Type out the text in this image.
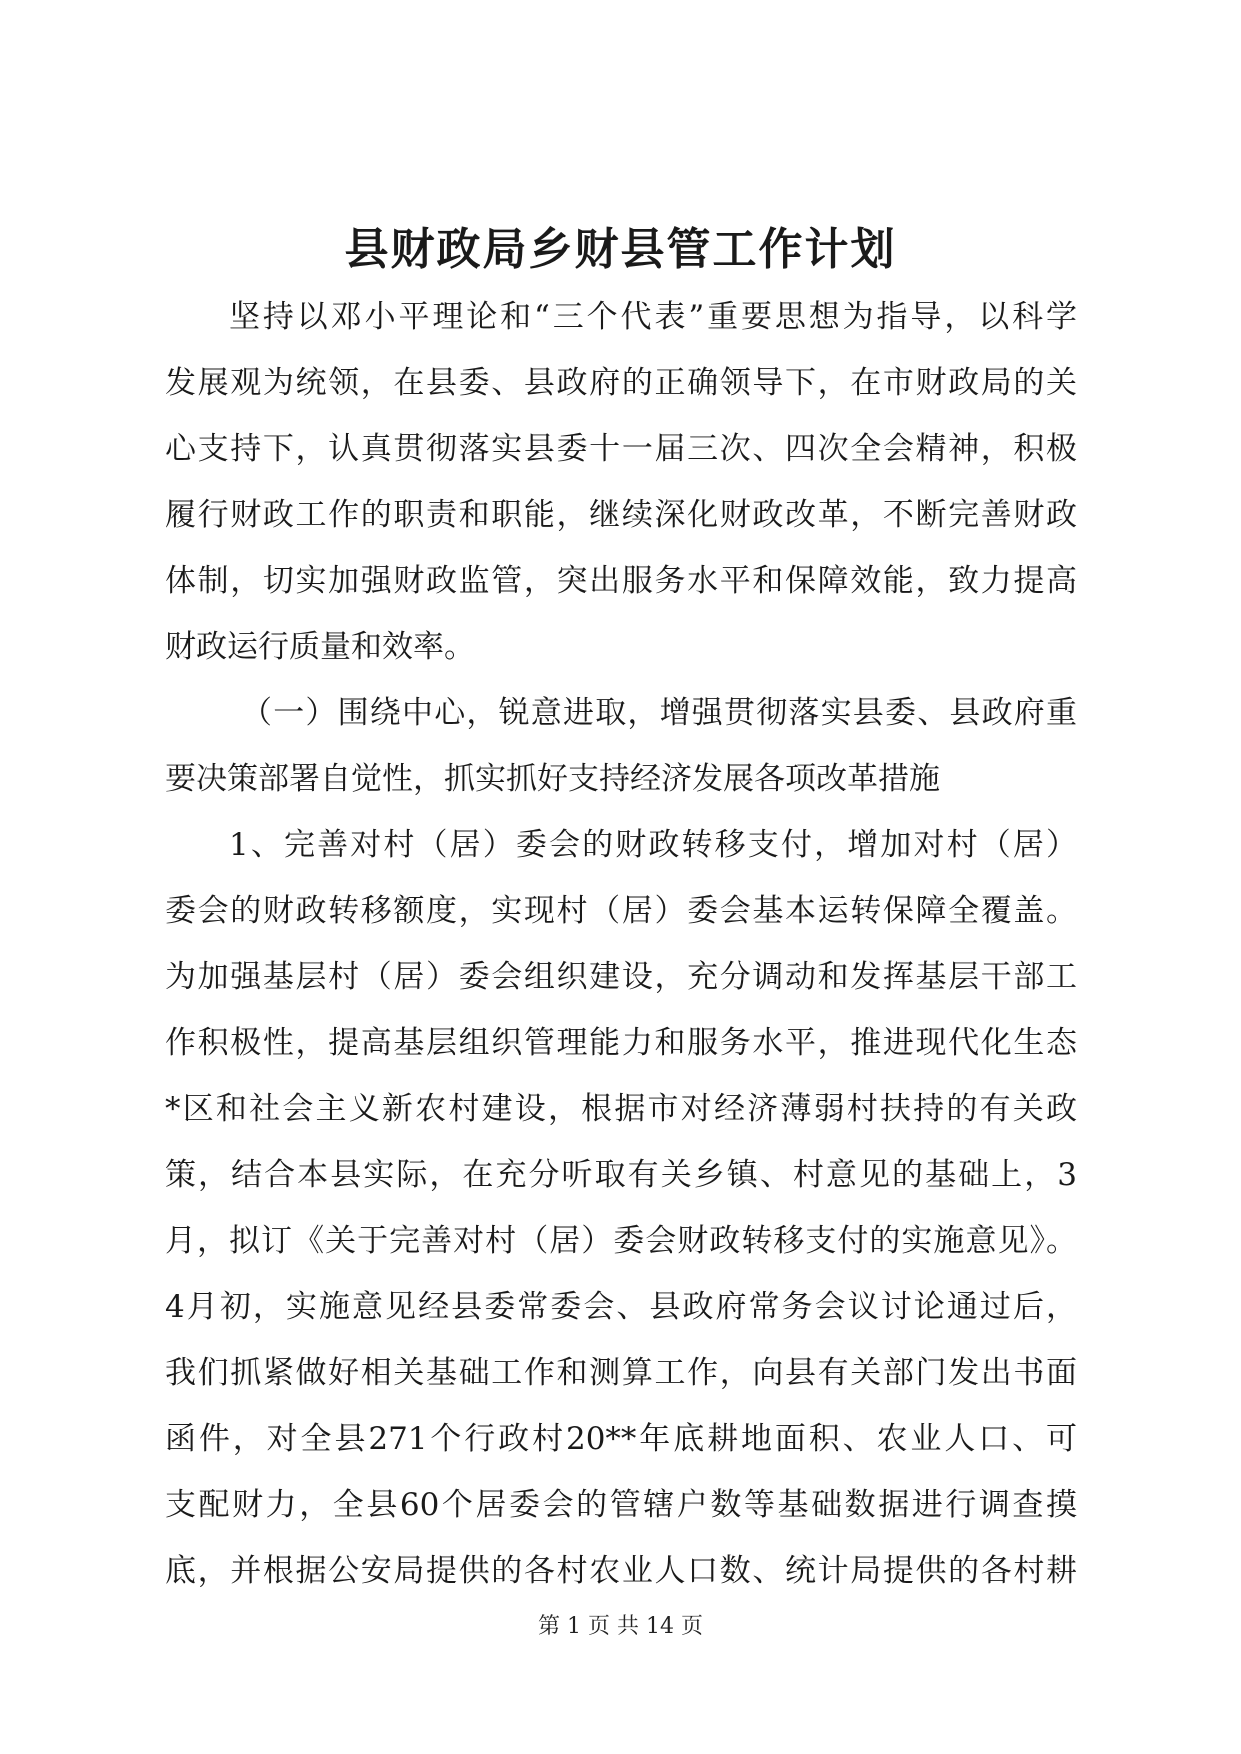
县财政局乡财县管工作计划
坚持以邓小平理论和“三个代表”重要思想为指导，以科学
发展观为统领，在县委、县政府的正确领导下，在市财政局的关
心支持下，认真贯彻落实县委十一届三次、四次全会精神，积极
履行财政工作的职责和职能，继续深化财政改革，不断完善财政
体制，切实加强财政监管，突出服务水平和保障效能，致力提高
财政运行质量和效率。
（一）围绕中心，锐意进取，增强贯彻落实县委、县政府重
要决策部署自觉性，抓实抓好支持经济发展各项改革措施
1、完善对村（居）委会的财政转移支付，增加对村（居）
委会的财政转移额度，实现村（居）委会基本运转保障全覆盖。
为加强基层村（居）委会组织建设，充分调动和发挥基层干部工
作积极性，提高基层组织管理能力和服务水平，推进现代化生态
*区和社会主义新农村建设，根据市对经济薄弱村扶持的有关政
策，结合本县实际，在充分听取有关乡镇、村意见的基础上，3
月，拟订《关于完善对村（居）委会财政转移支付的实施意见》。
4月初，实施意见经县委常委会、县政府常务会议讨论通过后，
我们抓紧做好相关基础工作和测算工作，向县有关部门发出书面
函件，对全县271个行政村20**年底耕地面积、农业人口、可
支配财力，全县60个居委会的管辖户数等基础数据进行调查摸
底，并根据公安局提供的各村农业人口数、统计局提供的各村耕
第 1 页 共 14 页
